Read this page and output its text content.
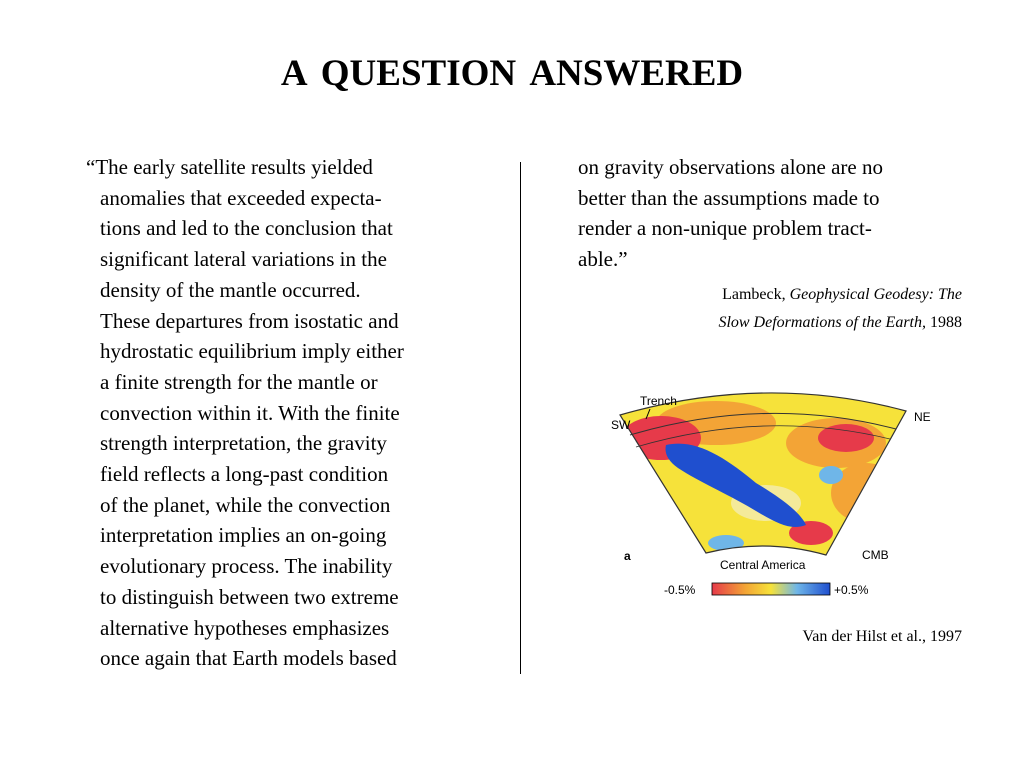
A QUESTION ANSWERED
“The early satellite results yielded
anomalies that exceeded expecta-
tions and led to the conclusion that
significant lateral variations in the
density of the mantle occurred.
These departures from isostatic and
hydrostatic equilibrium imply either
a finite strength for the mantle or
convection within it. With the finite
strength interpretation, the gravity
field reflects a long-past condition
of the planet, while the convection
interpretation implies an on-going
evolutionary process. The inability
to distinguish between two extreme
alternative hypotheses emphasizes
once again that Earth models based
on gravity observations alone are no
better than the assumptions made to
render a non-unique problem tract-
able.”
Lambeck, Geophysical Geodesy: The
Slow Deformations of the Earth, 1988
Trench
SW
NE
a
Central America
CMB
-0.5%	+0.5%
Van der Hilst et al., 1997
